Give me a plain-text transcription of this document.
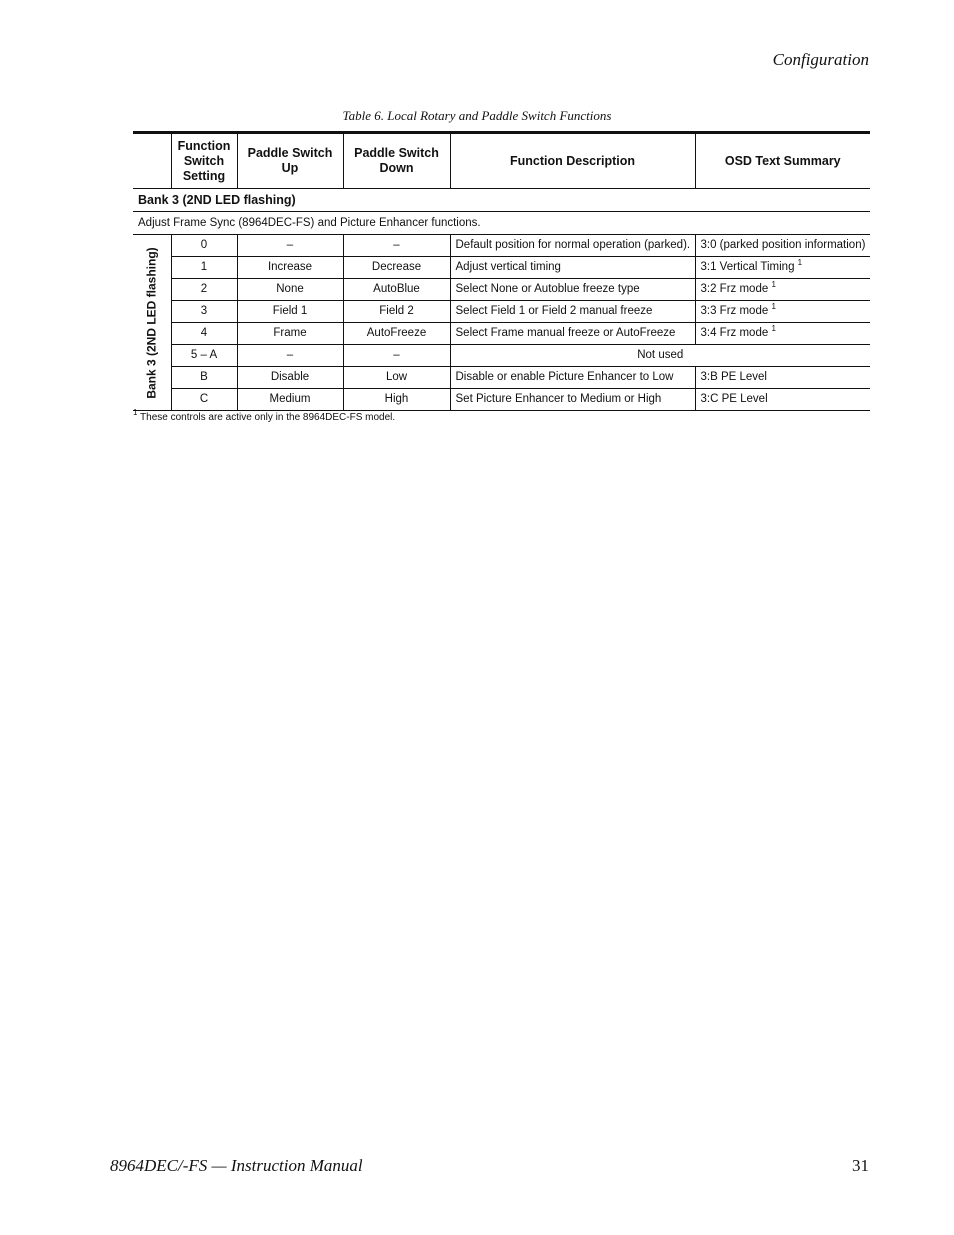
Configuration
Table 6. Local Rotary and Paddle Switch Functions
	Function Switch Setting	Paddle Switch Up	Paddle Switch Down	Function Description	OSD Text Summary
Bank 3 (2ND LED flashing)					
Adjust Frame Sync (8964DEC-FS) and Picture Enhancer functions.					

Bank 3 (2ND LED flashing)	0	–	–	Default position for normal operation (parked).	3:0 (parked position information)
	1	Increase	Decrease	Adjust vertical timing	3:1 Vertical Timing $^1$
	2	None	AutoBlue	Select None or Autoblue freeze type	3:2 Frz mode $^1$
	3	Field 1	Field 2	Select Field 1 or Field 2 manual freeze	3:3 Frz mode $^1$
	4	Frame	AutoFreeze	Select Frame manual freeze or AutoFreeze	3:4 Frz mode $^1$
	5 – A	–	–	Not used	
	B	Disable	Low	Disable or enable Picture Enhancer to Low	3:B PE Level
	C	Medium	High	Set Picture Enhancer to Medium or High	3:C PE Level
$^1$ These controls are active only in the 8964DEC-FS model.
8964DEC/-FS — Instruction Manual	31
